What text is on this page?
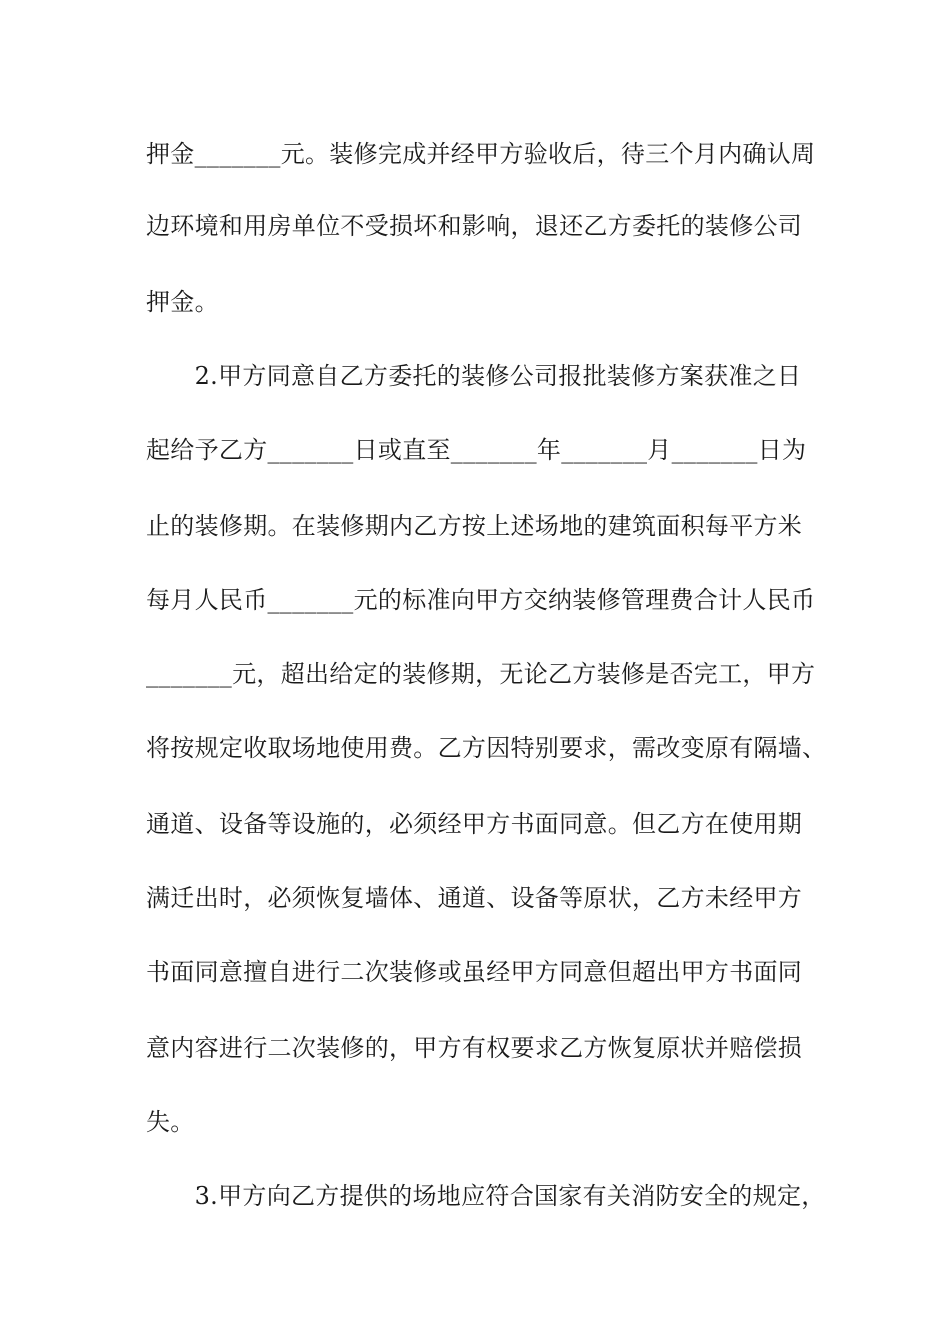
押金_______元。装修完成并经甲方验收后，待三个月内确认周
边环境和用房单位不受损坏和影响，退还乙方委托的装修公司
押金。
　　2.甲方同意自乙方委托的装修公司报批装修方案获准之日
起给予乙方_______日或直至_______年_______月_______日为
止的装修期。在装修期内乙方按上述场地的建筑面积每平方米
每月人民币_______元的标准向甲方交纳装修管理费合计人民币
_______元，超出给定的装修期，无论乙方装修是否完工，甲方
将按规定收取场地使用费。乙方因特别要求，需改变原有隔墙、
通道、设备等设施的，必须经甲方书面同意。但乙方在使用期
满迁出时，必须恢复墙体、通道、设备等原状，乙方未经甲方
书面同意擅自进行二次装修或虽经甲方同意但超出甲方书面同
意内容进行二次装修的，甲方有权要求乙方恢复原状并赔偿损
失。
　　3.甲方向乙方提供的场地应符合国家有关消防安全的规定，
